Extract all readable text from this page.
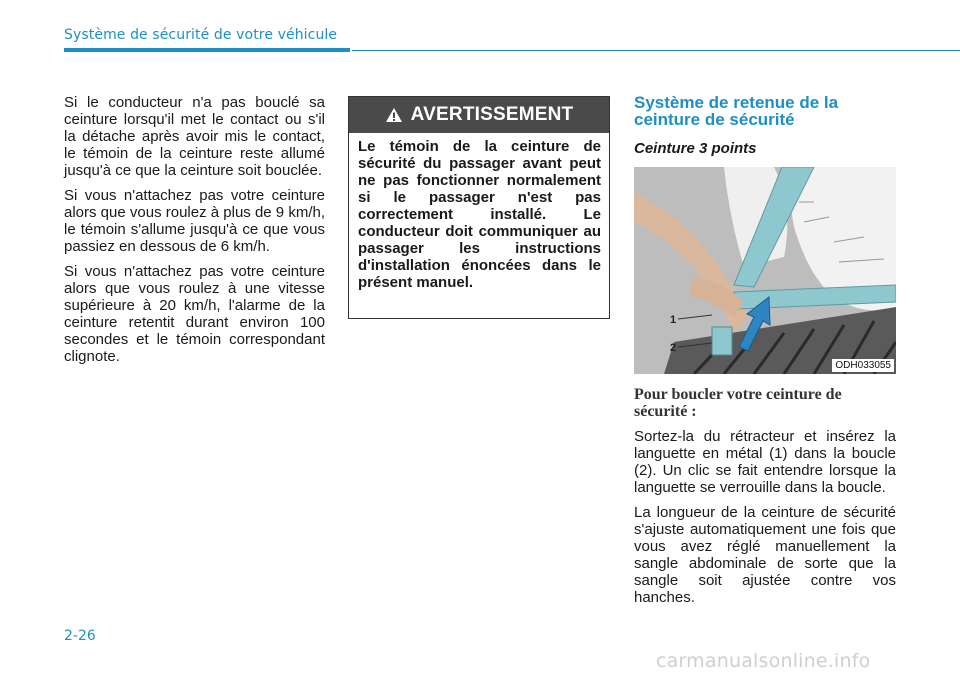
Système de sécurité de votre véhicule

Si le conducteur n'a pas bouclé sa ceinture lorsqu'il met le contact ou s'il la détache après avoir mis le contact, le témoin de la ceinture reste allumé jusqu'à ce que la ceinture soit bouclée.

Si vous n'attachez pas votre ceinture alors que vous roulez à plus de 9 km/h, le témoin s'allume jusqu'à ce que vous passiez en dessous de 6 km/h.

Si vous n'attachez pas votre ceinture alors que vous roulez à une vitesse supérieure à 20 km/h, l'alarme de la ceinture retentit durant environ 100 secondes et le témoin correspondant clignote.

AVERTISSEMENT
Le témoin de la ceinture de sécurité du passager avant peut ne pas fonctionner normalement si le passager n'est pas correctement installé. Le conducteur doit communiquer au passager les instructions d'installation énoncées dans le présent manuel.
Système de retenue de la ceinture de sécurité
Ceinture 3 points
1
2
ODH033055
Pour boucler votre ceinture de sécurité :

Sortez-la du rétracteur et insérez la languette en métal (1) dans la boucle (2). Un clic se fait entendre lorsque la languette se verrouille dans la boucle.

La longueur de la ceinture de sécurité s'ajuste automatiquement une fois que vous avez réglé manuellement la sangle abdominale de sorte que la sangle soit ajustée contre vos hanches.

2-26
carmanualsonline.info
